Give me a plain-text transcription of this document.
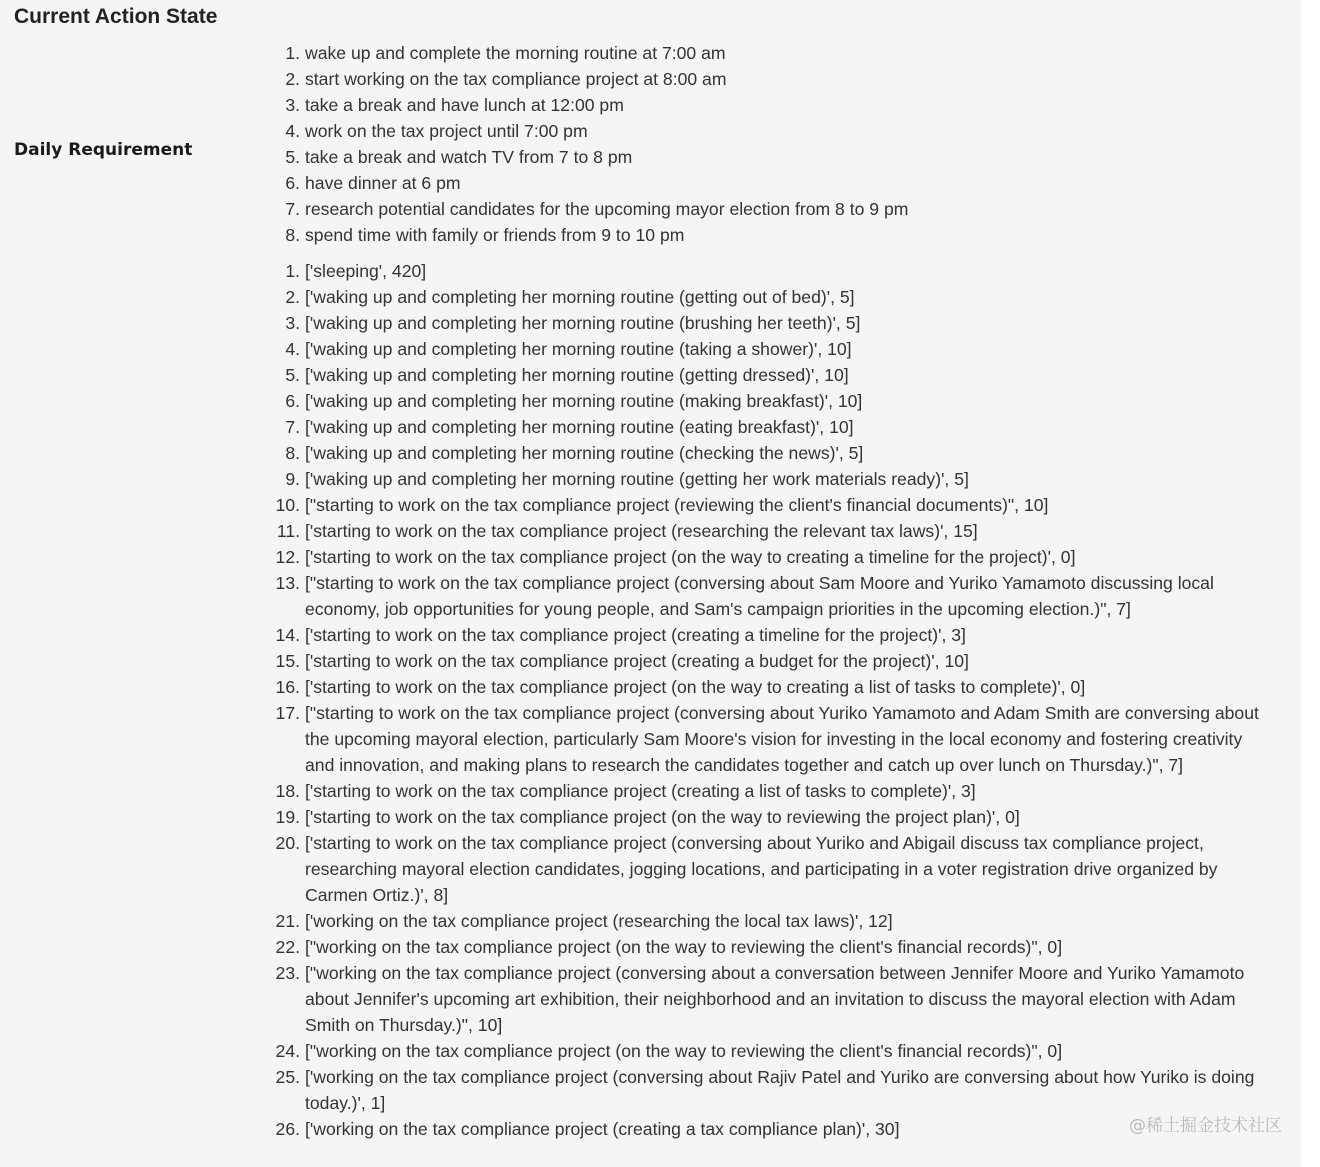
Current Action State
Daily Requirement
1. wake up and complete the morning routine at 7:00 am
2. start working on the tax compliance project at 8:00 am
3. take a break and have lunch at 12:00 pm
4. work on the tax project until 7:00 pm
5. take a break and watch TV from 7 to 8 pm
6. have dinner at 6 pm
7. research potential candidates for the upcoming mayor election from 8 to 9 pm
8. spend time with family or friends from 9 to 10 pm
1. ['sleeping', 420]
2. ['waking up and completing her morning routine (getting out of bed)', 5]
3. ['waking up and completing her morning routine (brushing her teeth)', 5]
4. ['waking up and completing her morning routine (taking a shower)', 10]
5. ['waking up and completing her morning routine (getting dressed)', 10]
6. ['waking up and completing her morning routine (making breakfast)', 10]
7. ['waking up and completing her morning routine (eating breakfast)', 10]
8. ['waking up and completing her morning routine (checking the news)', 5]
9. ['waking up and completing her morning routine (getting her work materials ready)', 5]
10. ["starting to work on the tax compliance project (reviewing the client's financial documents)", 10]
11. ['starting to work on the tax compliance project (researching the relevant tax laws)', 15]
12. ['starting to work on the tax compliance project (on the way to creating a timeline for the project)', 0]
13. ["starting to work on the tax compliance project (conversing about Sam Moore and Yuriko Yamamoto discussing local economy, job opportunities for young people, and Sam's campaign priorities in the upcoming election.)", 7]
14. ['starting to work on the tax compliance project (creating a timeline for the project)', 3]
15. ['starting to work on the tax compliance project (creating a budget for the project)', 10]
16. ['starting to work on the tax compliance project (on the way to creating a list of tasks to complete)', 0]
17. ["starting to work on the tax compliance project (conversing about Yuriko Yamamoto and Adam Smith are conversing about the upcoming mayoral election, particularly Sam Moore's vision for investing in the local economy and fostering creativity and innovation, and making plans to research the candidates together and catch up over lunch on Thursday.)", 7]
18. ['starting to work on the tax compliance project (creating a list of tasks to complete)', 3]
19. ['starting to work on the tax compliance project (on the way to reviewing the project plan)', 0]
20. ['starting to work on the tax compliance project (conversing about Yuriko and Abigail discuss tax compliance project, researching mayoral election candidates, jogging locations, and participating in a voter registration drive organized by Carmen Ortiz.)', 8]
21. ['working on the tax compliance project (researching the local tax laws)', 12]
22. ["working on the tax compliance project (on the way to reviewing the client's financial records)", 0]
23. ["working on the tax compliance project (conversing about a conversation between Jennifer Moore and Yuriko Yamamoto about Jennifer's upcoming art exhibition, their neighborhood and an invitation to discuss the mayoral election with Adam Smith on Thursday.)", 10]
24. ["working on the tax compliance project (on the way to reviewing the client's financial records)", 0]
25. ['working on the tax compliance project (conversing about Rajiv Patel and Yuriko are conversing about how Yuriko is doing today.)', 1]
26. ['working on the tax compliance project (creating a tax compliance plan)', 30]	@稀土掘金技术社区
